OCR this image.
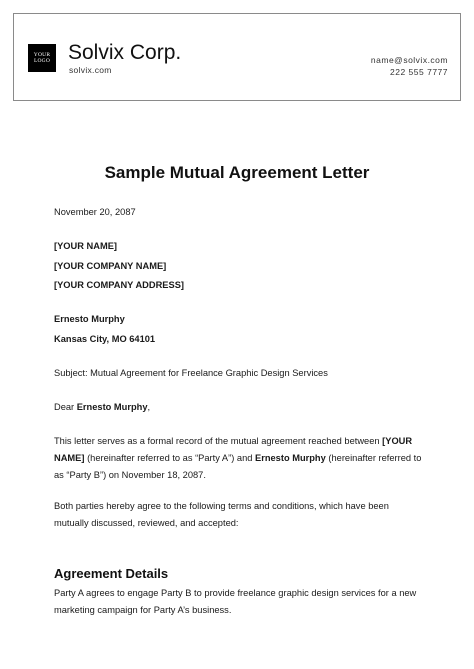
YOUR
LOGO Solvix Corp.
solvix.com
name@solvix.com
222 555 7777
Sample Mutual Agreement Letter
November 20, 2087
[YOUR NAME]
[YOUR COMPANY NAME]
[YOUR COMPANY ADDRESS]
Ernesto Murphy
Kansas City, MO 64101
Subject: Mutual Agreement for Freelance Graphic Design Services
Dear Ernesto Murphy,
This letter serves as a formal record of the mutual agreement reached between [YOUR NAME] (hereinafter referred to as “Party A”) and Ernesto Murphy (hereinafter referred to as “Party B”) on November 18, 2087.
Both parties hereby agree to the following terms and conditions, which have been mutually discussed, reviewed, and accepted:
Agreement Details
Party A agrees to engage Party B to provide freelance graphic design services for a new marketing campaign for Party A’s business.
